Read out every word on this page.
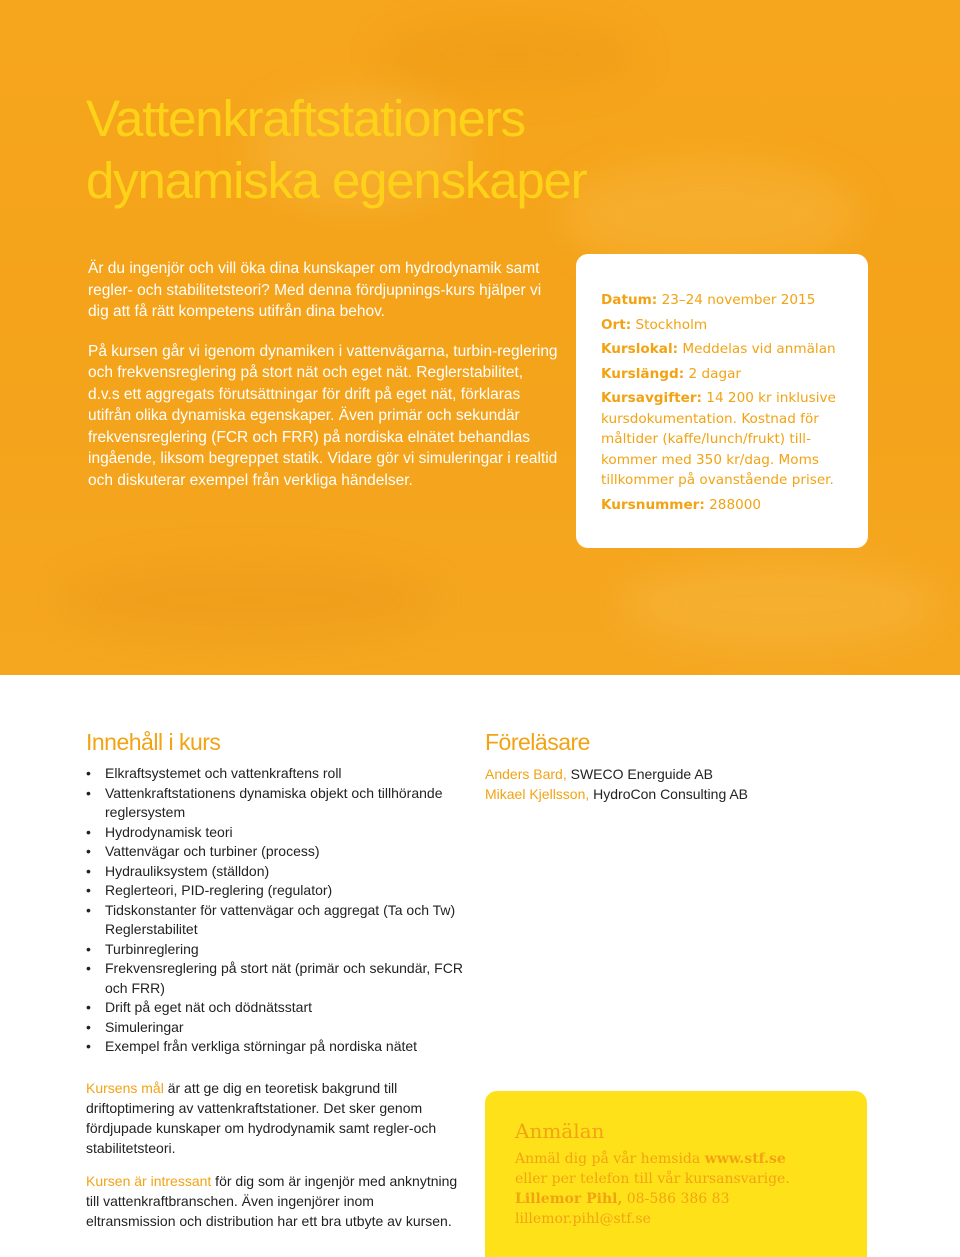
Vattenkraftstationers
dynamiska egenskaper

Är du ingenjör och vill öka dina kunskaper om hydrodynamik samt regler- och stabilitetsteori? Med denna fördjupnings-kurs hjälper vi dig att få rätt kompetens utifrån dina behov.

På kursen går vi igenom dynamiken i vattenvägarna, turbin-reglering och frekvensreglering på stort nät och eget nät. Reglerstabilitet, d.v.s ett aggregats förutsättningar för drift på eget nät, förklaras utifrån olika dynamiska egenskaper. Även primär och sekundär frekvensreglering (FCR och FRR) på nordiska elnätet behandlas ingående, liksom begreppet statik. Vidare gör vi simuleringar i realtid och diskuterar exempel från verkliga händelser.

Datum: 23–24 november 2015
Ort: Stockholm
Kurslokal: Meddelas vid anmälan
Kurslängd: 2 dagar
Kursavgifter: 14 200 kr inklusive kursdokumentation. Kostnad för måltider (kaffe/lunch/frukt) till-kommer med 350 kr/dag. Moms tillkommer på ovanstående priser.
Kursnummer: 288000
Innehåll i kurs
• Elkraftsystemet och vattenkraftens roll
• Vattenkraftstationens dynamiska objekt och tillhörande reglersystem
• Hydrodynamisk teori
• Vattenvägar och turbiner (process)
• Hydrauliksystem (ställdon)
• Reglerteori, PID-reglering (regulator)
• Tidskonstanter för vattenvägar och aggregat (Ta och Tw) Reglerstabilitet
• Turbinreglering
• Frekvensreglering på stort nät (primär och sekundär, FCR och FRR)
• Drift på eget nät och dödnätsstart
• Simuleringar
• Exempel från verkliga störningar på nordiska nätet
Föreläsare

Anders Bard, SWECO Energuide AB

Mikael Kjellsson, HydroCon Consulting AB

Kursens mål är att ge dig en teoretisk bakgrund till driftoptimering av vattenkraftstationer. Det sker genom fördjupade kunskaper om hydrodynamik samt regler-och stabilitetsteori.

Kursen är intressant för dig som är ingenjör med anknytning till vattenkraftbranschen. Även ingenjörer inom eltransmission och distribution har ett bra utbyte av kursen.

Anmälan

Anmäl dig på vår hemsida www.stf.se

eller per telefon till vår kursansvarige.

Lillemor Pihl, 08-586 386 83

lillemor.pihl@stf.se
